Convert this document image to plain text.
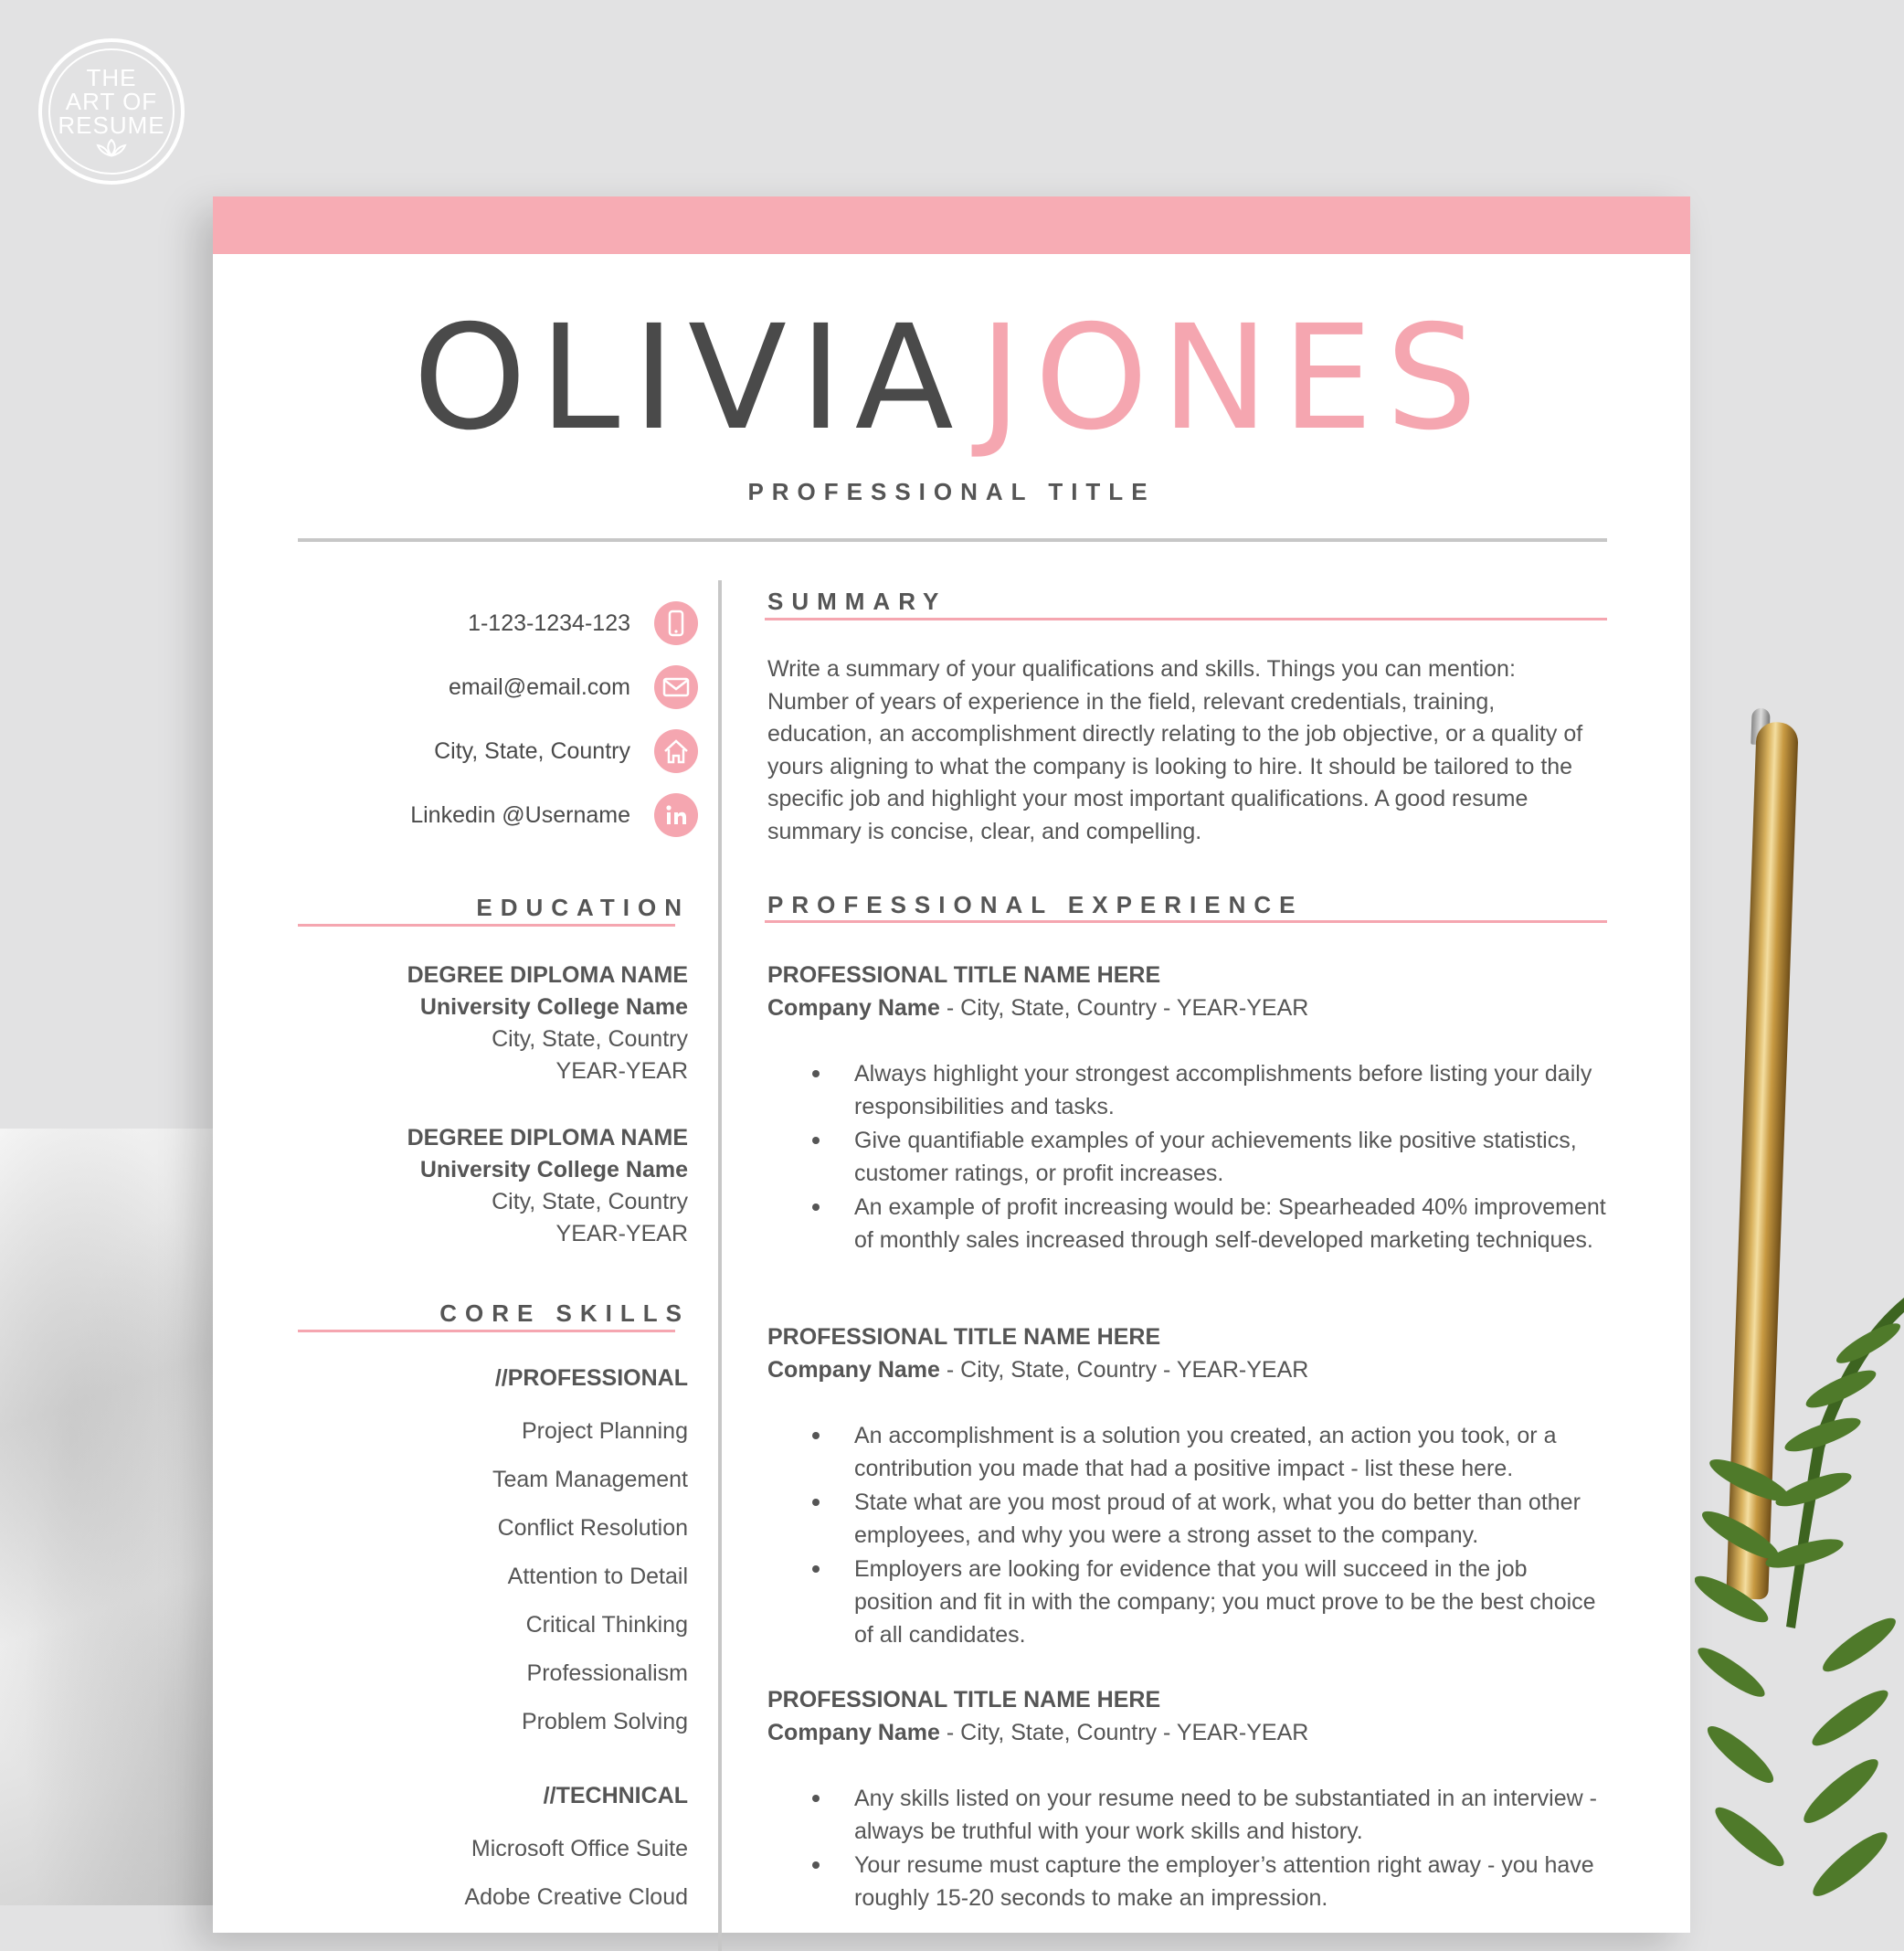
THE
ART OF
RESUME
OLIVIAJONES
PROFESSIONAL TITLE
1-123-1234-123
email@email.com
City, State, Country
Linkedin @Username
EDUCATION
DEGREE DIPLOMA NAME
University College Name
City, State, Country
YEAR-YEAR
DEGREE DIPLOMA NAME
University College Name
City, State, Country
YEAR-YEAR
CORE SKILLS
//PROFESSIONAL
Project Planning
Team Management
Conflict Resolution
Attention to Detail
Critical Thinking
Professionalism
Problem Solving
//TECHNICAL
Microsoft Office Suite
Adobe Creative Cloud
SUMMARY
Write a summary of your qualifications and skills. Things you can mention: Number of years of experience in the field, relevant credentials, training, education, an accomplishment directly relating to the job objective, or a quality of yours aligning to what the company is looking to hire. It should be tailored to the specific job and highlight your most important qualifications. A good resume summary is concise, clear, and compelling.
PROFESSIONAL EXPERIENCE
PROFESSIONAL TITLE NAME HERE
Company Name - City, State, Country - YEAR-YEAR
Always highlight your strongest accomplishments before listing your daily responsibilities and tasks.
Give quantifiable examples of your achievements like positive statistics, customer ratings, or profit increases.
An example of profit increasing would be: Spearheaded 40% improvement of monthly sales increased through self-developed marketing techniques.
PROFESSIONAL TITLE NAME HERE
Company Name - City, State, Country - YEAR-YEAR
An accomplishment is a solution you created, an action you took, or a contribution you made that had a positive impact - list these here.
State what are you most proud of at work, what you do better than other employees, and why you were a strong asset to the company.
Employers are looking for evidence that you will succeed in the job position and fit in with the company; you muct prove to be the best choice of all candidates.
PROFESSIONAL TITLE NAME HERE
Company Name - City, State, Country - YEAR-YEAR
Any skills listed on your resume need to be substantiated in an interview - always be truthful with your work skills and history.
Your resume must capture the employer’s attention right away - you have roughly 15-20 seconds to make an impression.
